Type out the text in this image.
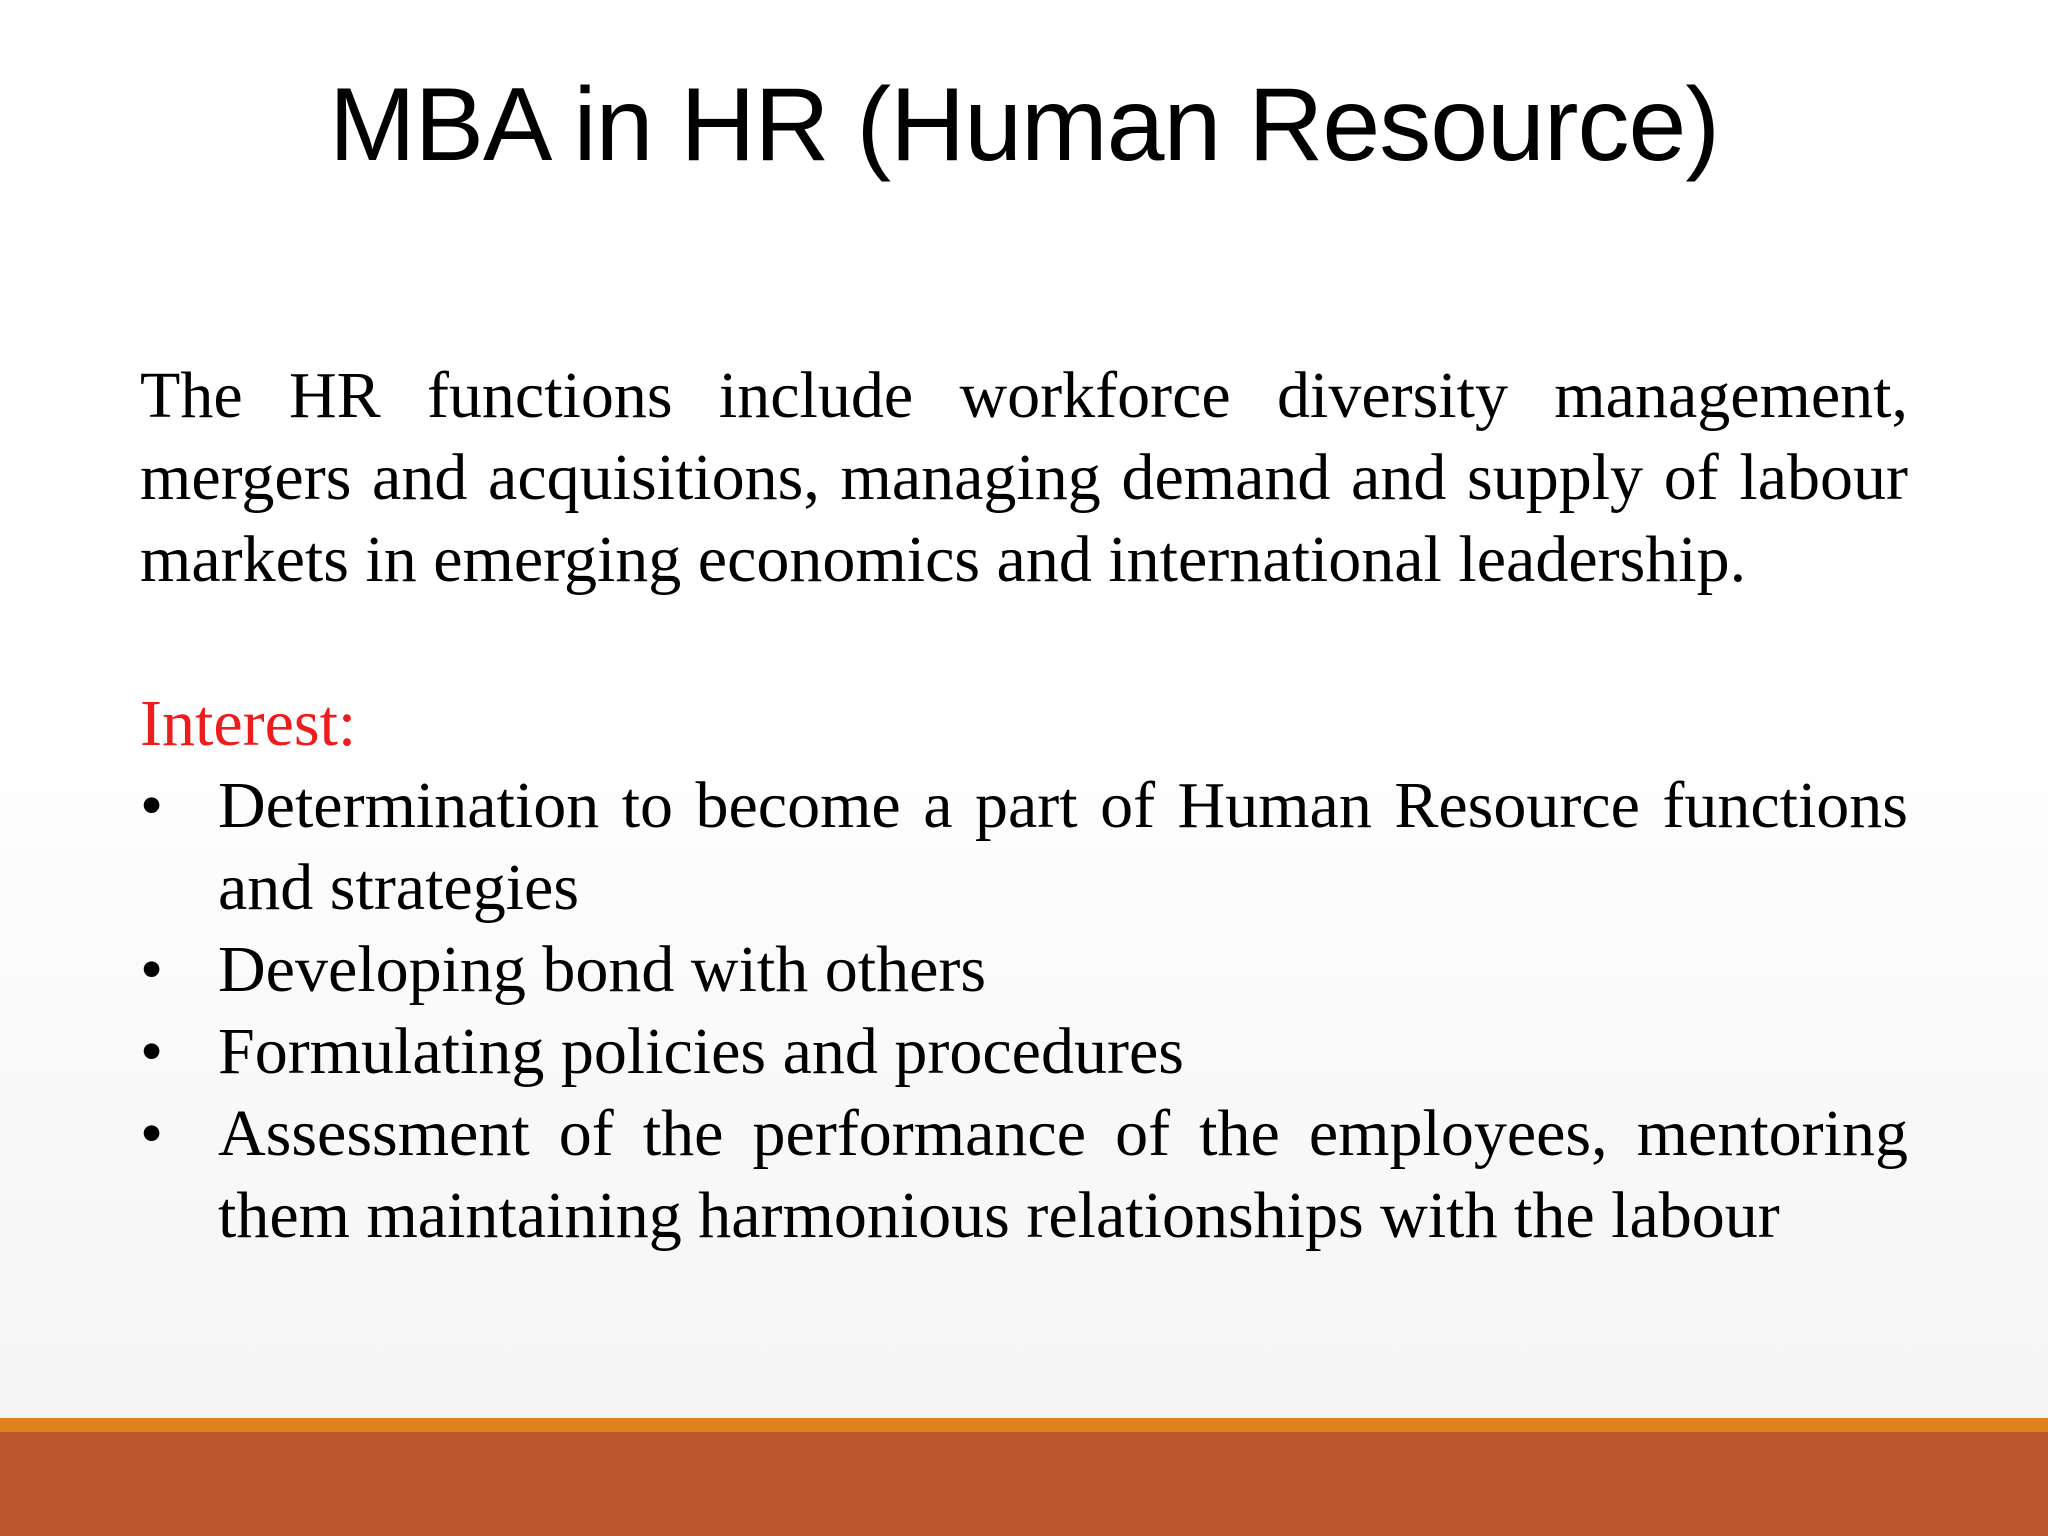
MBA in HR (Human Resource)

The HR functions include workforce diversity management, mergers and acquisitions, managing demand and supply of labour markets in emerging economics and international leadership.

Interest:
• Determination to become a part of Human Resource functions and strategies
• Developing bond with others
• Formulating policies and procedures
• Assessment of the performance of the employees, mentoring them maintaining harmonious relationships with the labour
